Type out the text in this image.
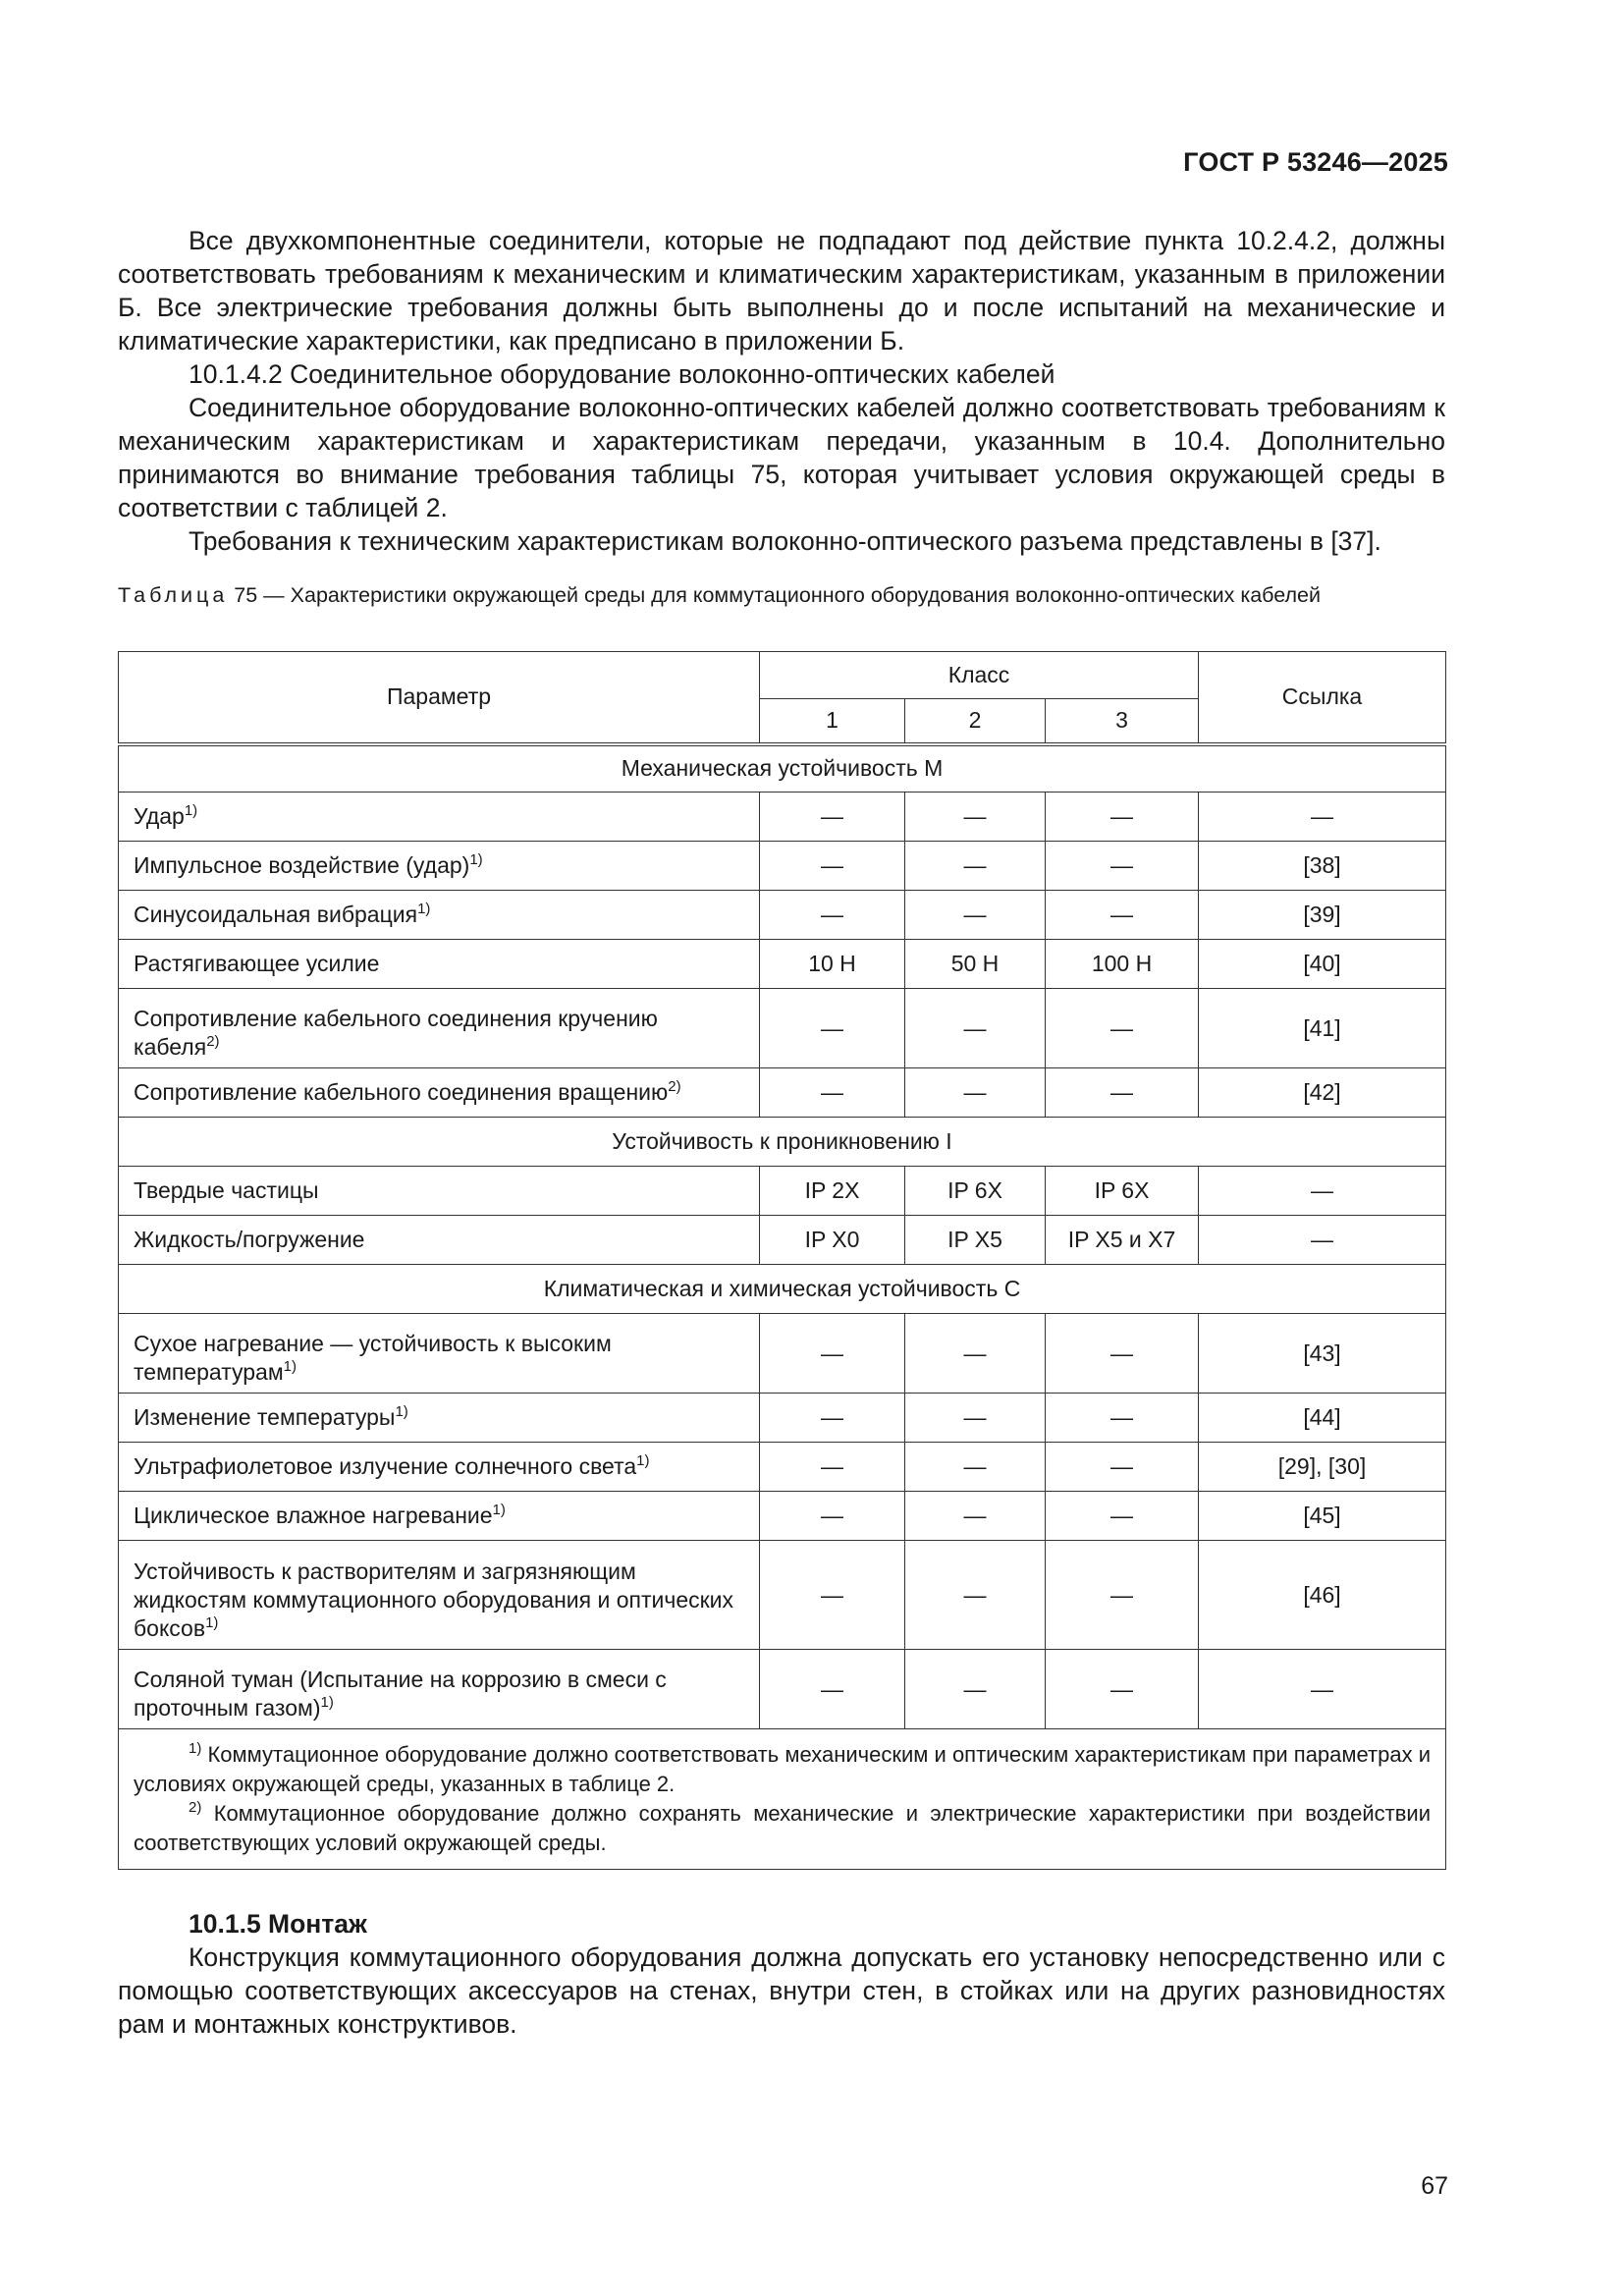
ГОСТ Р 53246—2025

Все двухкомпонентные соединители, которые не подпадают под действие пункта 10.2.4.2, должны соответствовать требованиям к механическим и климатическим характеристикам, указанным в приложении Б. Все электрические требования должны быть выполнены до и после испытаний на механические и климатические характеристики, как предписано в приложении Б.

10.1.4.2 Соединительное оборудование волоконно-оптических кабелей

Соединительное оборудование волоконно-оптических кабелей должно соответствовать требованиям к механическим характеристикам и характеристикам передачи, указанным в 10.4. Дополнительно принимаются во внимание требования таблицы 75, которая учитывает условия окружающей среды в соответствии с таблицей 2.

Требования к техническим характеристикам волоконно-оптического разъема представлены в [37].

Таблица 75 — Характеристики окружающей среды для коммутационного оборудования волоконно-оптических кабелей
Параметр	Класс			Ссылка
	1	2	3	
Механическая устойчивость М				
Удар$^{1)}$	—	—	—	—
Импульсное воздействие (удар)$^{1)}$	—	—	—	[38]
Синусоидальная вибрация$^{1)}$	—	—	—	[39]
Растягивающее усилие	10 Н	50 Н	100 Н	[40]
Сопротивление кабельного соединения кручению кабеля$^{2)}$	—	—	—	[41]
Сопротивление кабельного соединения вращению$^{2)}$	—	—	—	[42]
Устойчивость к проникновению I				
Твердые частицы	IP 2X	IP 6X	IP 6X	—
Жидкость/погружение	IP X0	IP X5	IP X5 и X7	—
Климатическая и химическая устойчивость С				
Сухое нагревание — устойчивость к высоким температурам$^{1)}$	—	—	—	[43]
Изменение температуры$^{1)}$	—	—	—	[44]
Ультрафиолетовое излучение солнечного света$^{1)}$	—	—	—	[29], [30]
Циклическое влажное нагревание$^{1)}$	—	—	—	[45]
Устойчивость к растворителям и загрязняющим жидкостям коммутационного оборудования и оптических боксов$^{1)}$	—	—	—	[46]
Соляной туман (Испытание на коррозию в смеси с проточным газом)$^{1)}$	—	—	—	—

$^{1)}$ Коммутационное оборудование должно соответствовать механическим и оптическим характеристикам при параметрах и условиях окружающей среды, указанных в таблице 2.

$^{2)}$ Коммутационное оборудование должно сохранять механические и электрические характеристики при воздействии соответствующих условий окружающей среды.				

10.1.5 Монтаж

Конструкция коммутационного оборудования должна допускать его установку непосредственно или с помощью соответствующих аксессуаров на стенах, внутри стен, в стойках или на других разновидностях рам и монтажных конструктивов.

67
